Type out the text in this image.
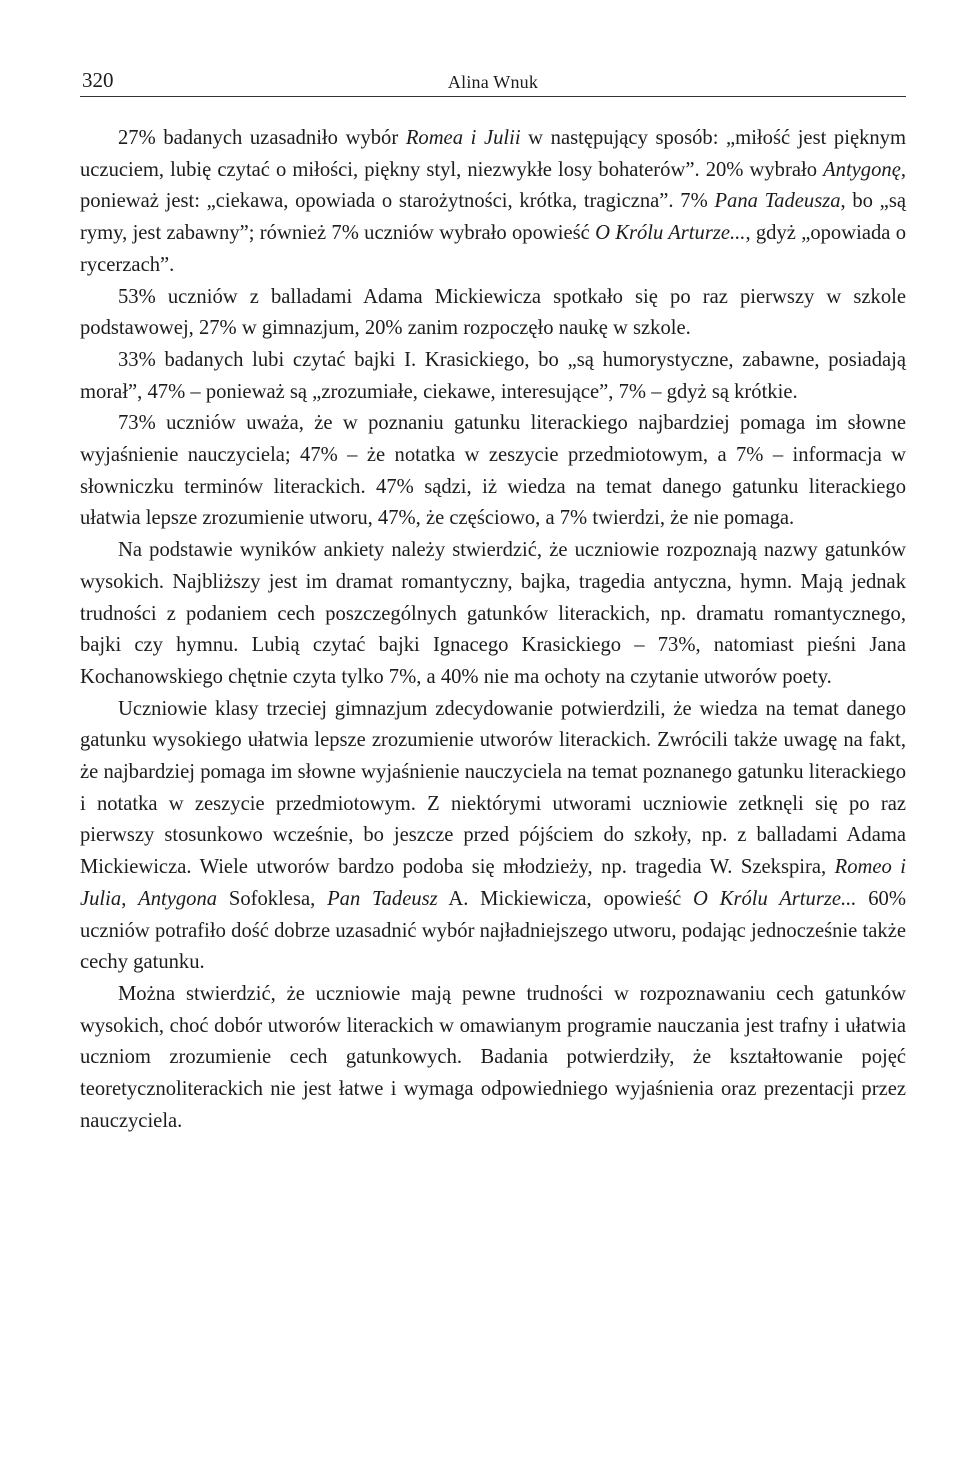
320	Alina Wnuk

27% badanych uzasadniło wybór Romea i Julii w następujący sposób: „miłość jest pięknym uczuciem, lubię czytać o miłości, piękny styl, niezwykłe losy bohaterów”. 20% wybrało Antygonę, ponieważ jest: „ciekawa, opowiada o starożytności, krótka, tragiczna”. 7% Pana Tadeusza, bo „są rymy, jest zabawny”; również 7% uczniów wybrało opowieść O Królu Arturze..., gdyż „opowiada o rycerzach”.

53% uczniów z balladami Adama Mickiewicza spotkało się po raz pierwszy w szkole podstawowej, 27% w gimnazjum, 20% zanim rozpoczęło naukę w szkole.

33% badanych lubi czytać bajki I. Krasickiego, bo „są humorystyczne, zabawne, posiadają morał”, 47% – ponieważ są „zrozumiałe, ciekawe, interesujące”, 7% – gdyż są krótkie.

73% uczniów uważa, że w poznaniu gatunku literackiego najbardziej pomaga im słowne wyjaśnienie nauczyciela; 47% – że notatka w zeszycie przedmiotowym, a 7% – informacja w słowniczku terminów literackich. 47% sądzi, iż wiedza na temat danego gatunku literackiego ułatwia lepsze zrozumienie utworu, 47%, że częściowo, a 7% twierdzi, że nie pomaga.

Na podstawie wyników ankiety należy stwierdzić, że uczniowie rozpoznają nazwy gatunków wysokich. Najbliższy jest im dramat romantyczny, bajka, tragedia antyczna, hymn. Mają jednak trudności z podaniem cech poszczególnych gatunków literackich, np. dramatu romantycznego, bajki czy hymnu. Lubią czytać bajki Ignacego Krasickiego – 73%, natomiast pieśni Jana Kochanowskiego chętnie czyta tylko 7%, a 40% nie ma ochoty na czytanie utworów poety.

Uczniowie klasy trzeciej gimnazjum zdecydowanie potwierdzili, że wiedza na temat danego gatunku wysokiego ułatwia lepsze zrozumienie utworów literackich. Zwrócili także uwagę na fakt, że najbardziej pomaga im słowne wyjaśnienie nauczyciela na temat poznanego gatunku literackiego i notatka w zeszycie przedmiotowym. Z niektórymi utworami uczniowie zetknęli się po raz pierwszy stosunkowo wcześnie, bo jeszcze przed pójściem do szkoły, np. z balladami Adama Mickiewicza. Wiele utworów bardzo podoba się młodzieży, np. tragedia W. Szekspira, Romeo i Julia, Antygona Sofoklesa, Pan Tadeusz A. Mickiewicza, opowieść O Królu Arturze... 60% uczniów potrafiło dość dobrze uzasadnić wybór najładniejszego utworu, podając jednocześnie także cechy gatunku.

Można stwierdzić, że uczniowie mają pewne trudności w rozpoznawaniu cech gatunków wysokich, choć dobór utworów literackich w omawianym programie nauczania jest trafny i ułatwia uczniom zrozumienie cech gatunkowych. Badania potwierdziły, że kształtowanie pojęć teoretycznoliterackich nie jest łatwe i wymaga odpowiedniego wyjaśnienia oraz prezentacji przez nauczyciela.
